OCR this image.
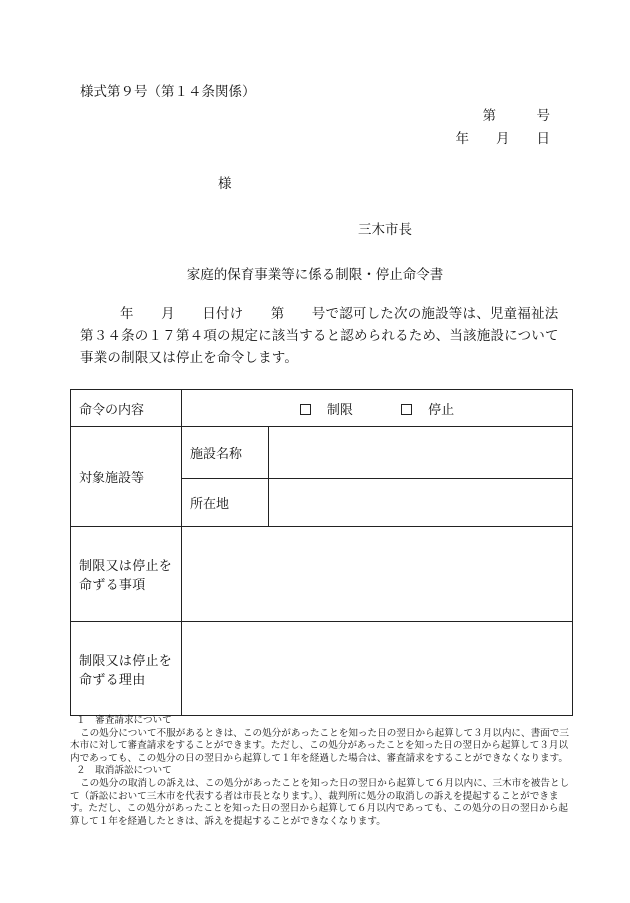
様式第９号（第１４条関係）
第　　　号
年　　月　　日
様
三木市長
家庭的保育事業等に係る制限・停止命令書
年　　月　　日付け　　第　　号で認可した次の施設等は、児童福祉法第３４条の１７第４項の規定に該当すると認められるため、当該施設について事業の制限又は停止を命令します。
命令の内容	制限 停止	
対象施設等	施設名称	
	所在地	
制限又は停止を命ずる事項		
制限又は停止を命ずる理由		
１　審査請求について
この処分について不服があるときは、この処分があったことを知った日の翌日から起算して３月以内に、書面で三木市に対して審査請求をすることができます。ただし、この処分があったことを知った日の翌日から起算して３月以内であっても、この処分の日の翌日から起算して１年を経過した場合は、審査請求をすることができなくなります。
２　取消訴訟について
この処分の取消しの訴えは、この処分があったことを知った日の翌日から起算して６月以内に、三木市を被告として（訴訟において三木市を代表する者は市長となります。）、裁判所に処分の取消しの訴えを提起することができます。ただし、この処分があったことを知った日の翌日から起算して６月以内であっても、この処分の日の翌日から起算して１年を経過したときは、訴えを提起することができなくなります。
